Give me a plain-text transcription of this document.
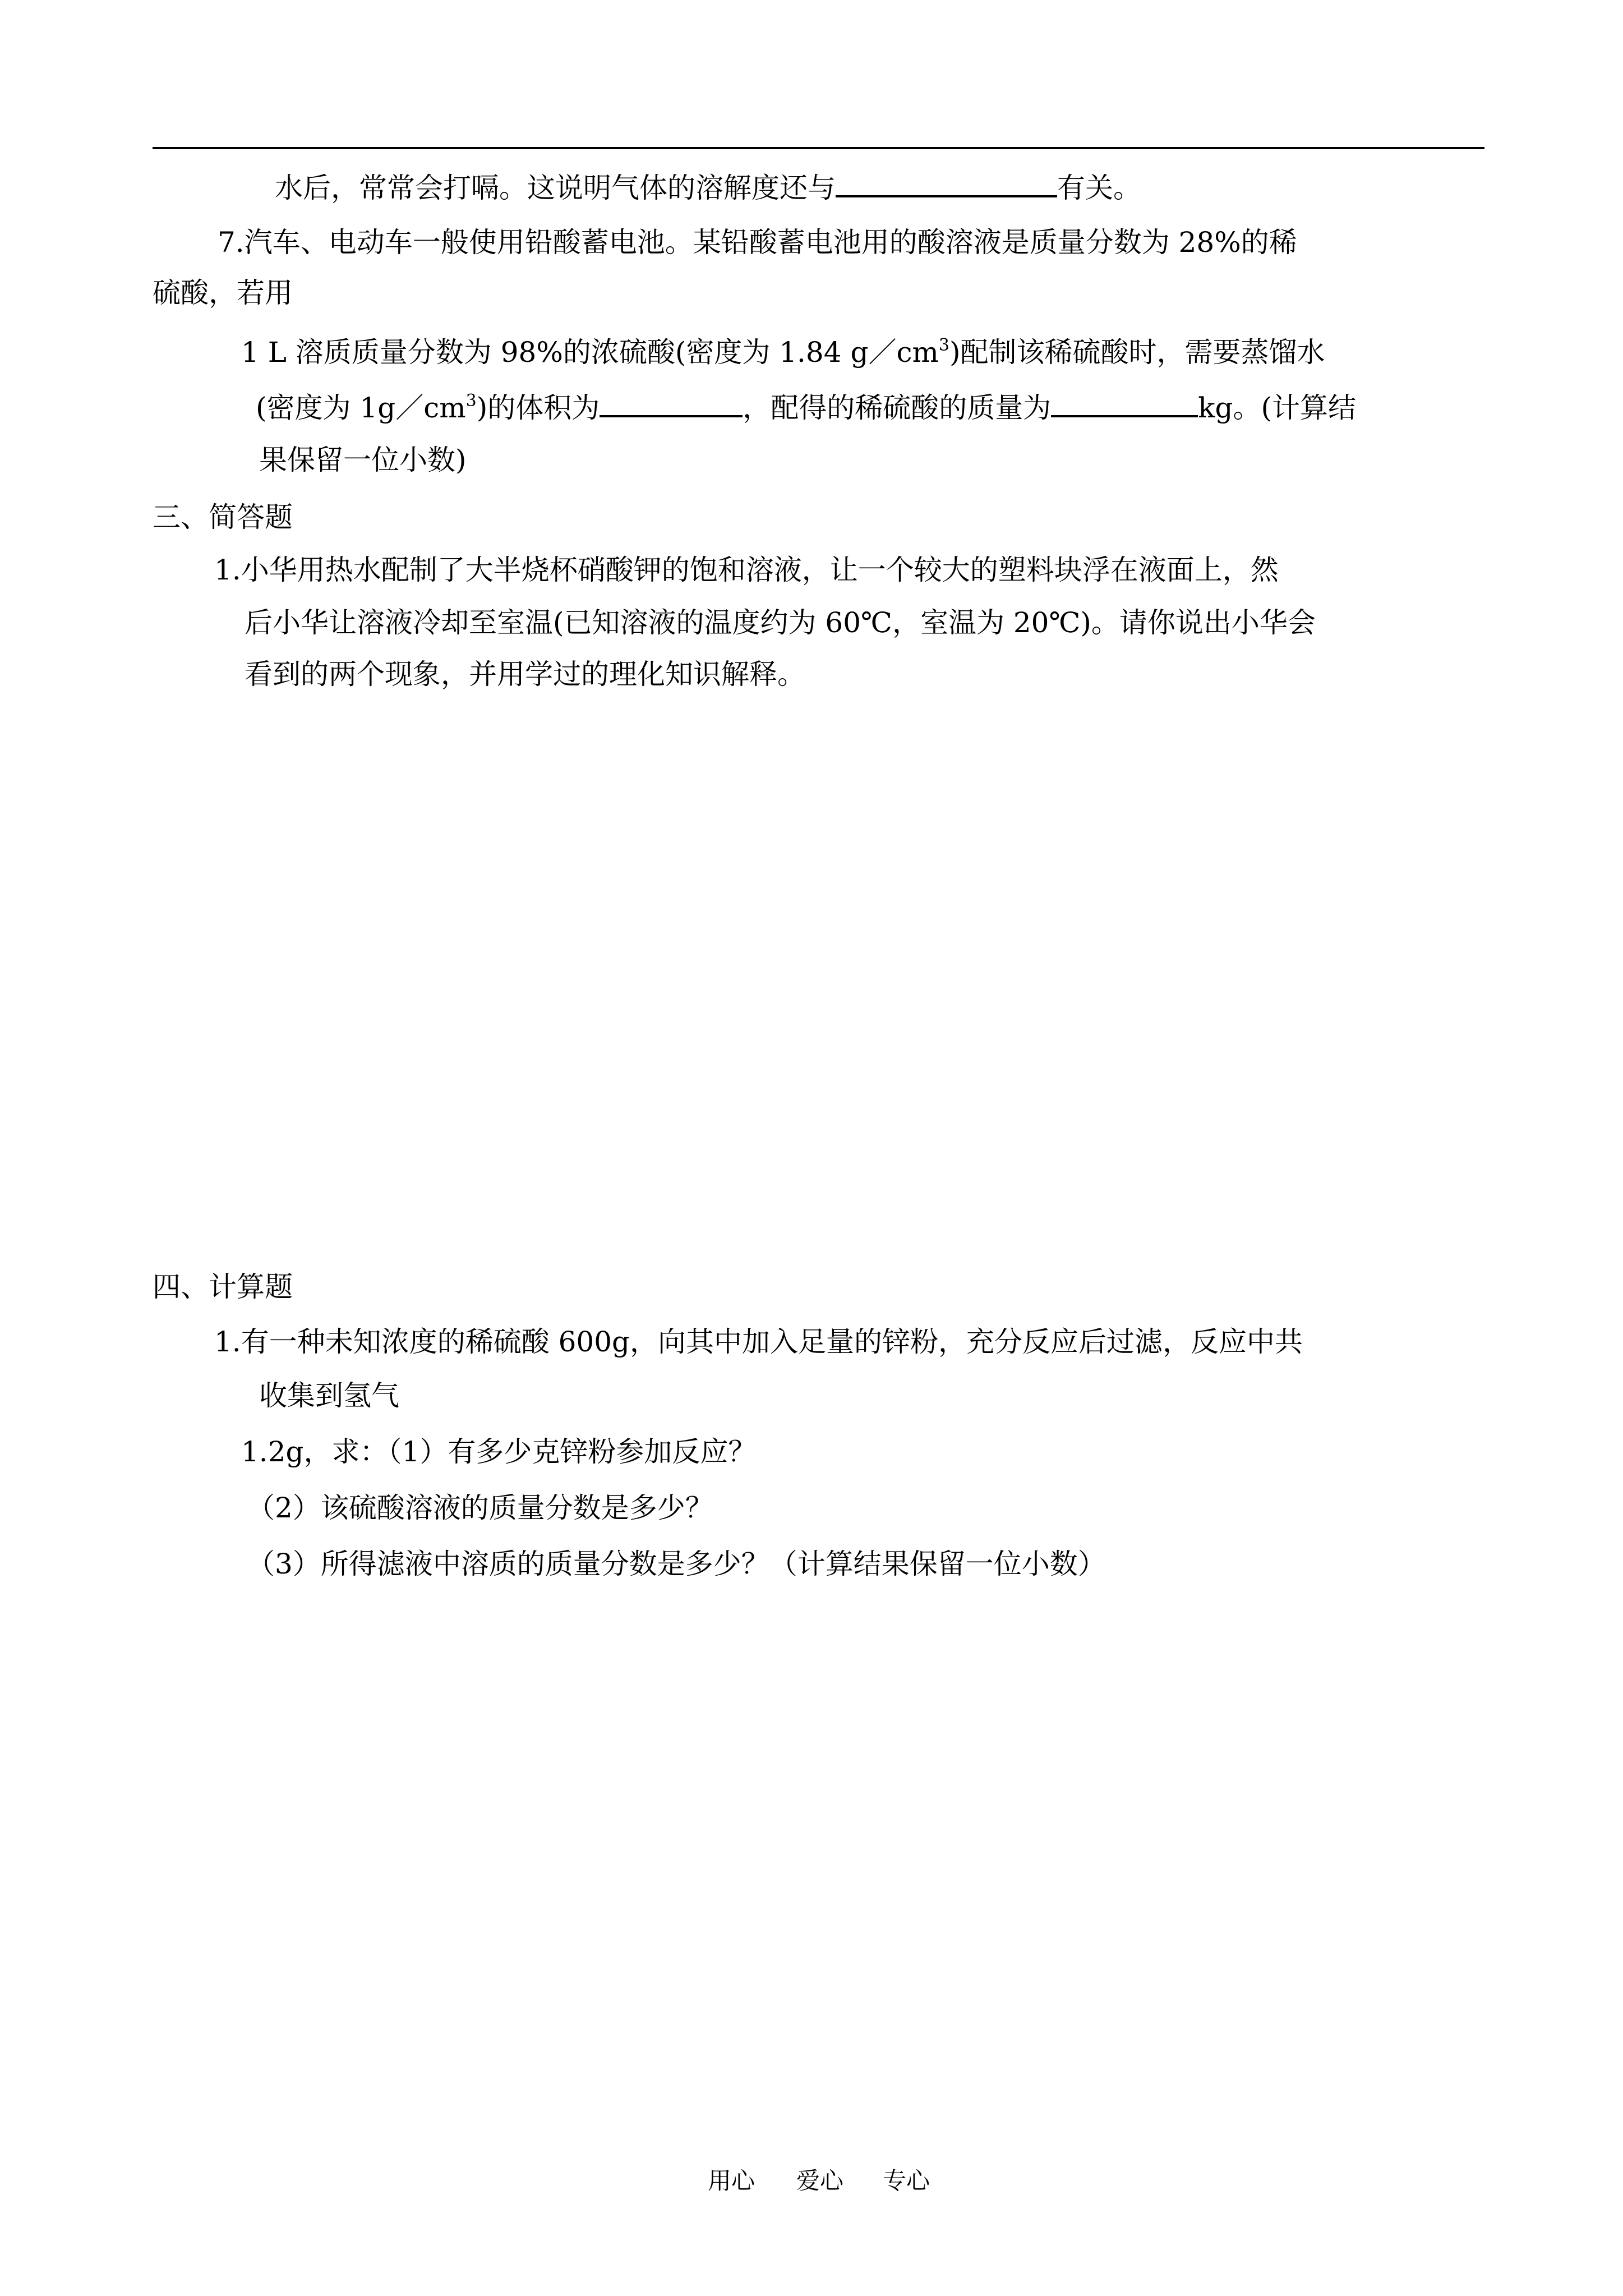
水后，常常会打嗝。这说明气体的溶解度还与	有关。
7.汽车、电动车一般使用铅酸蓄电池。某铅酸蓄电池用的酸溶液是质量分数为 28%的稀
硫酸，若用
1 L 溶质质量分数为 98%的浓硫酸(密度为 1.84 $g/cm^3$)配制该稀硫酸时，需要蒸馏水
(密度为 $1g/cm^3$)的体积为	，配得的稀硫酸的质量为	kg。(计算结
果保留一位小数)
三、简答题
1.小华用热水配制了大半烧杯硝酸钾的饱和溶液，让一个较大的塑料块浮在液面上，然
后小华让溶液冷却至室温(已知溶液的温度约为 60℃，室温为 20℃)。请你说出小华会
看到的两个现象，并用学过的理化知识解释。
四、计算题
1.有一种未知浓度的稀硫酸 600g，向其中加入足量的锌粉，充分反应后过滤，反应中共
收集到氢气
1.2g，求：（1）有多少克锌粉参加反应？
（2）该硫酸溶液的质量分数是多少？
（3）所得滤液中溶质的质量分数是多少？（计算结果保留一位小数）
用心 爱心 专心
